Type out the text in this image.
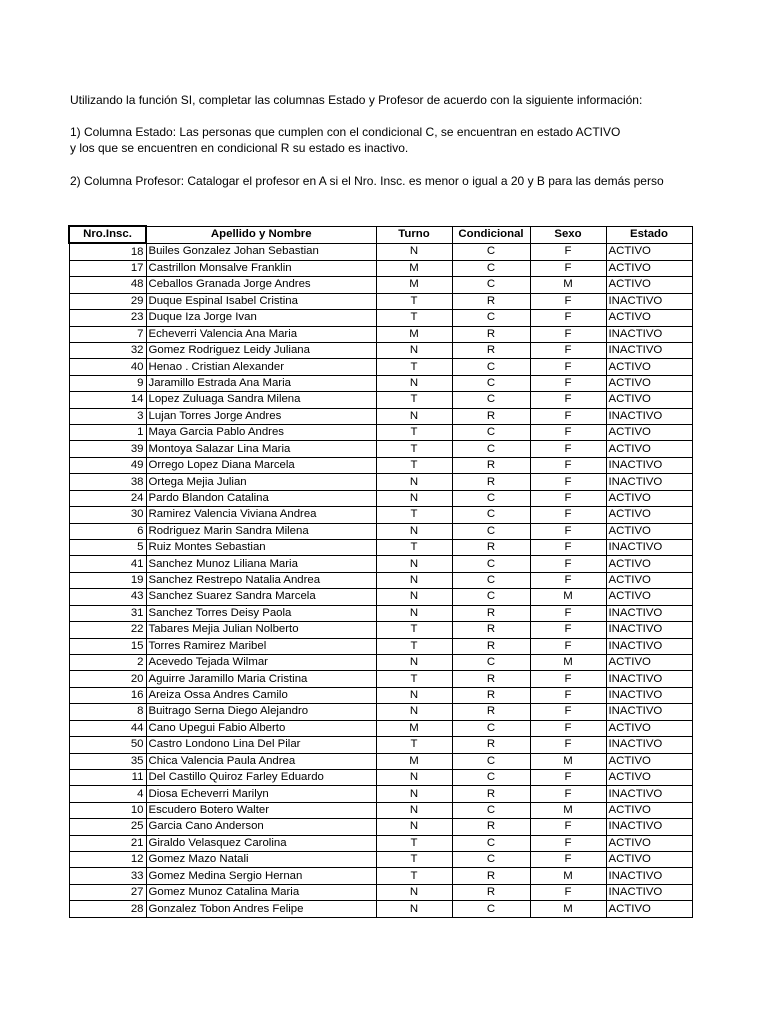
Utilizando la función SI, completar las columnas Estado y Profesor de acuerdo con la siguiente información:
1) Columna Estado: Las personas que cumplen con el condicional C, se encuentran en estado ACTIVO
y los que se encuentren en condicional R su estado es inactivo.
2) Columna Profesor: Catalogar el profesor en A si el Nro. Insc. es menor o igual a 20 y B para las demás perso
Nro.Insc.	Apellido y Nombre	Turno	Condicional	Sexo	Estado
18	Builes Gonzalez Johan Sebastian	N	C	F	ACTIVO
17	Castrillon Monsalve Franklin	M	C	F	ACTIVO
48	Ceballos Granada Jorge Andres	M	C	M	ACTIVO
29	Duque Espinal Isabel Cristina	T	R	F	INACTIVO
23	Duque Iza Jorge Ivan	T	C	F	ACTIVO
7	Echeverri Valencia Ana Maria	M	R	F	INACTIVO
32	Gomez Rodriguez Leidy Juliana	N	R	F	INACTIVO
40	Henao . Cristian Alexander	T	C	F	ACTIVO
9	Jaramillo Estrada Ana Maria	N	C	F	ACTIVO
14	Lopez Zuluaga Sandra Milena	T	C	F	ACTIVO
3	Lujan Torres Jorge Andres	N	R	F	INACTIVO
1	Maya Garcia Pablo Andres	T	C	F	ACTIVO
39	Montoya Salazar Lina Maria	T	C	F	ACTIVO
49	Orrego Lopez Diana Marcela	T	R	F	INACTIVO
38	Ortega Mejia Julian	N	R	F	INACTIVO
24	Pardo Blandon Catalina	N	C	F	ACTIVO
30	Ramirez Valencia Viviana Andrea	T	C	F	ACTIVO
6	Rodriguez Marin Sandra Milena	N	C	F	ACTIVO
5	Ruiz Montes Sebastian	T	R	F	INACTIVO
41	Sanchez Munoz Liliana Maria	N	C	F	ACTIVO
19	Sanchez Restrepo Natalia Andrea	N	C	F	ACTIVO
43	Sanchez Suarez Sandra Marcela	N	C	M	ACTIVO
31	Sanchez Torres Deisy Paola	N	R	F	INACTIVO
22	Tabares Mejia Julian Nolberto	T	R	F	INACTIVO
15	Torres Ramirez Maribel	T	R	F	INACTIVO
2	Acevedo Tejada Wilmar	N	C	M	ACTIVO
20	Aguirre Jaramillo Maria Cristina	T	R	F	INACTIVO
16	Areiza Ossa Andres Camilo	N	R	F	INACTIVO
8	Buitrago Serna Diego Alejandro	N	R	F	INACTIVO
44	Cano Upegui Fabio Alberto	M	C	F	ACTIVO
50	Castro Londono Lina Del Pilar	T	R	F	INACTIVO
35	Chica Valencia Paula Andrea	M	C	M	ACTIVO
11	Del Castillo Quiroz Farley Eduardo	N	C	F	ACTIVO
4	Diosa Echeverri Marilyn	N	R	F	INACTIVO
10	Escudero Botero Walter	N	C	M	ACTIVO
25	Garcia Cano Anderson	N	R	F	INACTIVO
21	Giraldo Velasquez Carolina	T	C	F	ACTIVO
12	Gomez Mazo Natali	T	C	F	ACTIVO
33	Gomez Medina Sergio Hernan	T	R	M	INACTIVO
27	Gomez Munoz Catalina Maria	N	R	F	INACTIVO
28	Gonzalez Tobon Andres Felipe	N	C	M	ACTIVO
